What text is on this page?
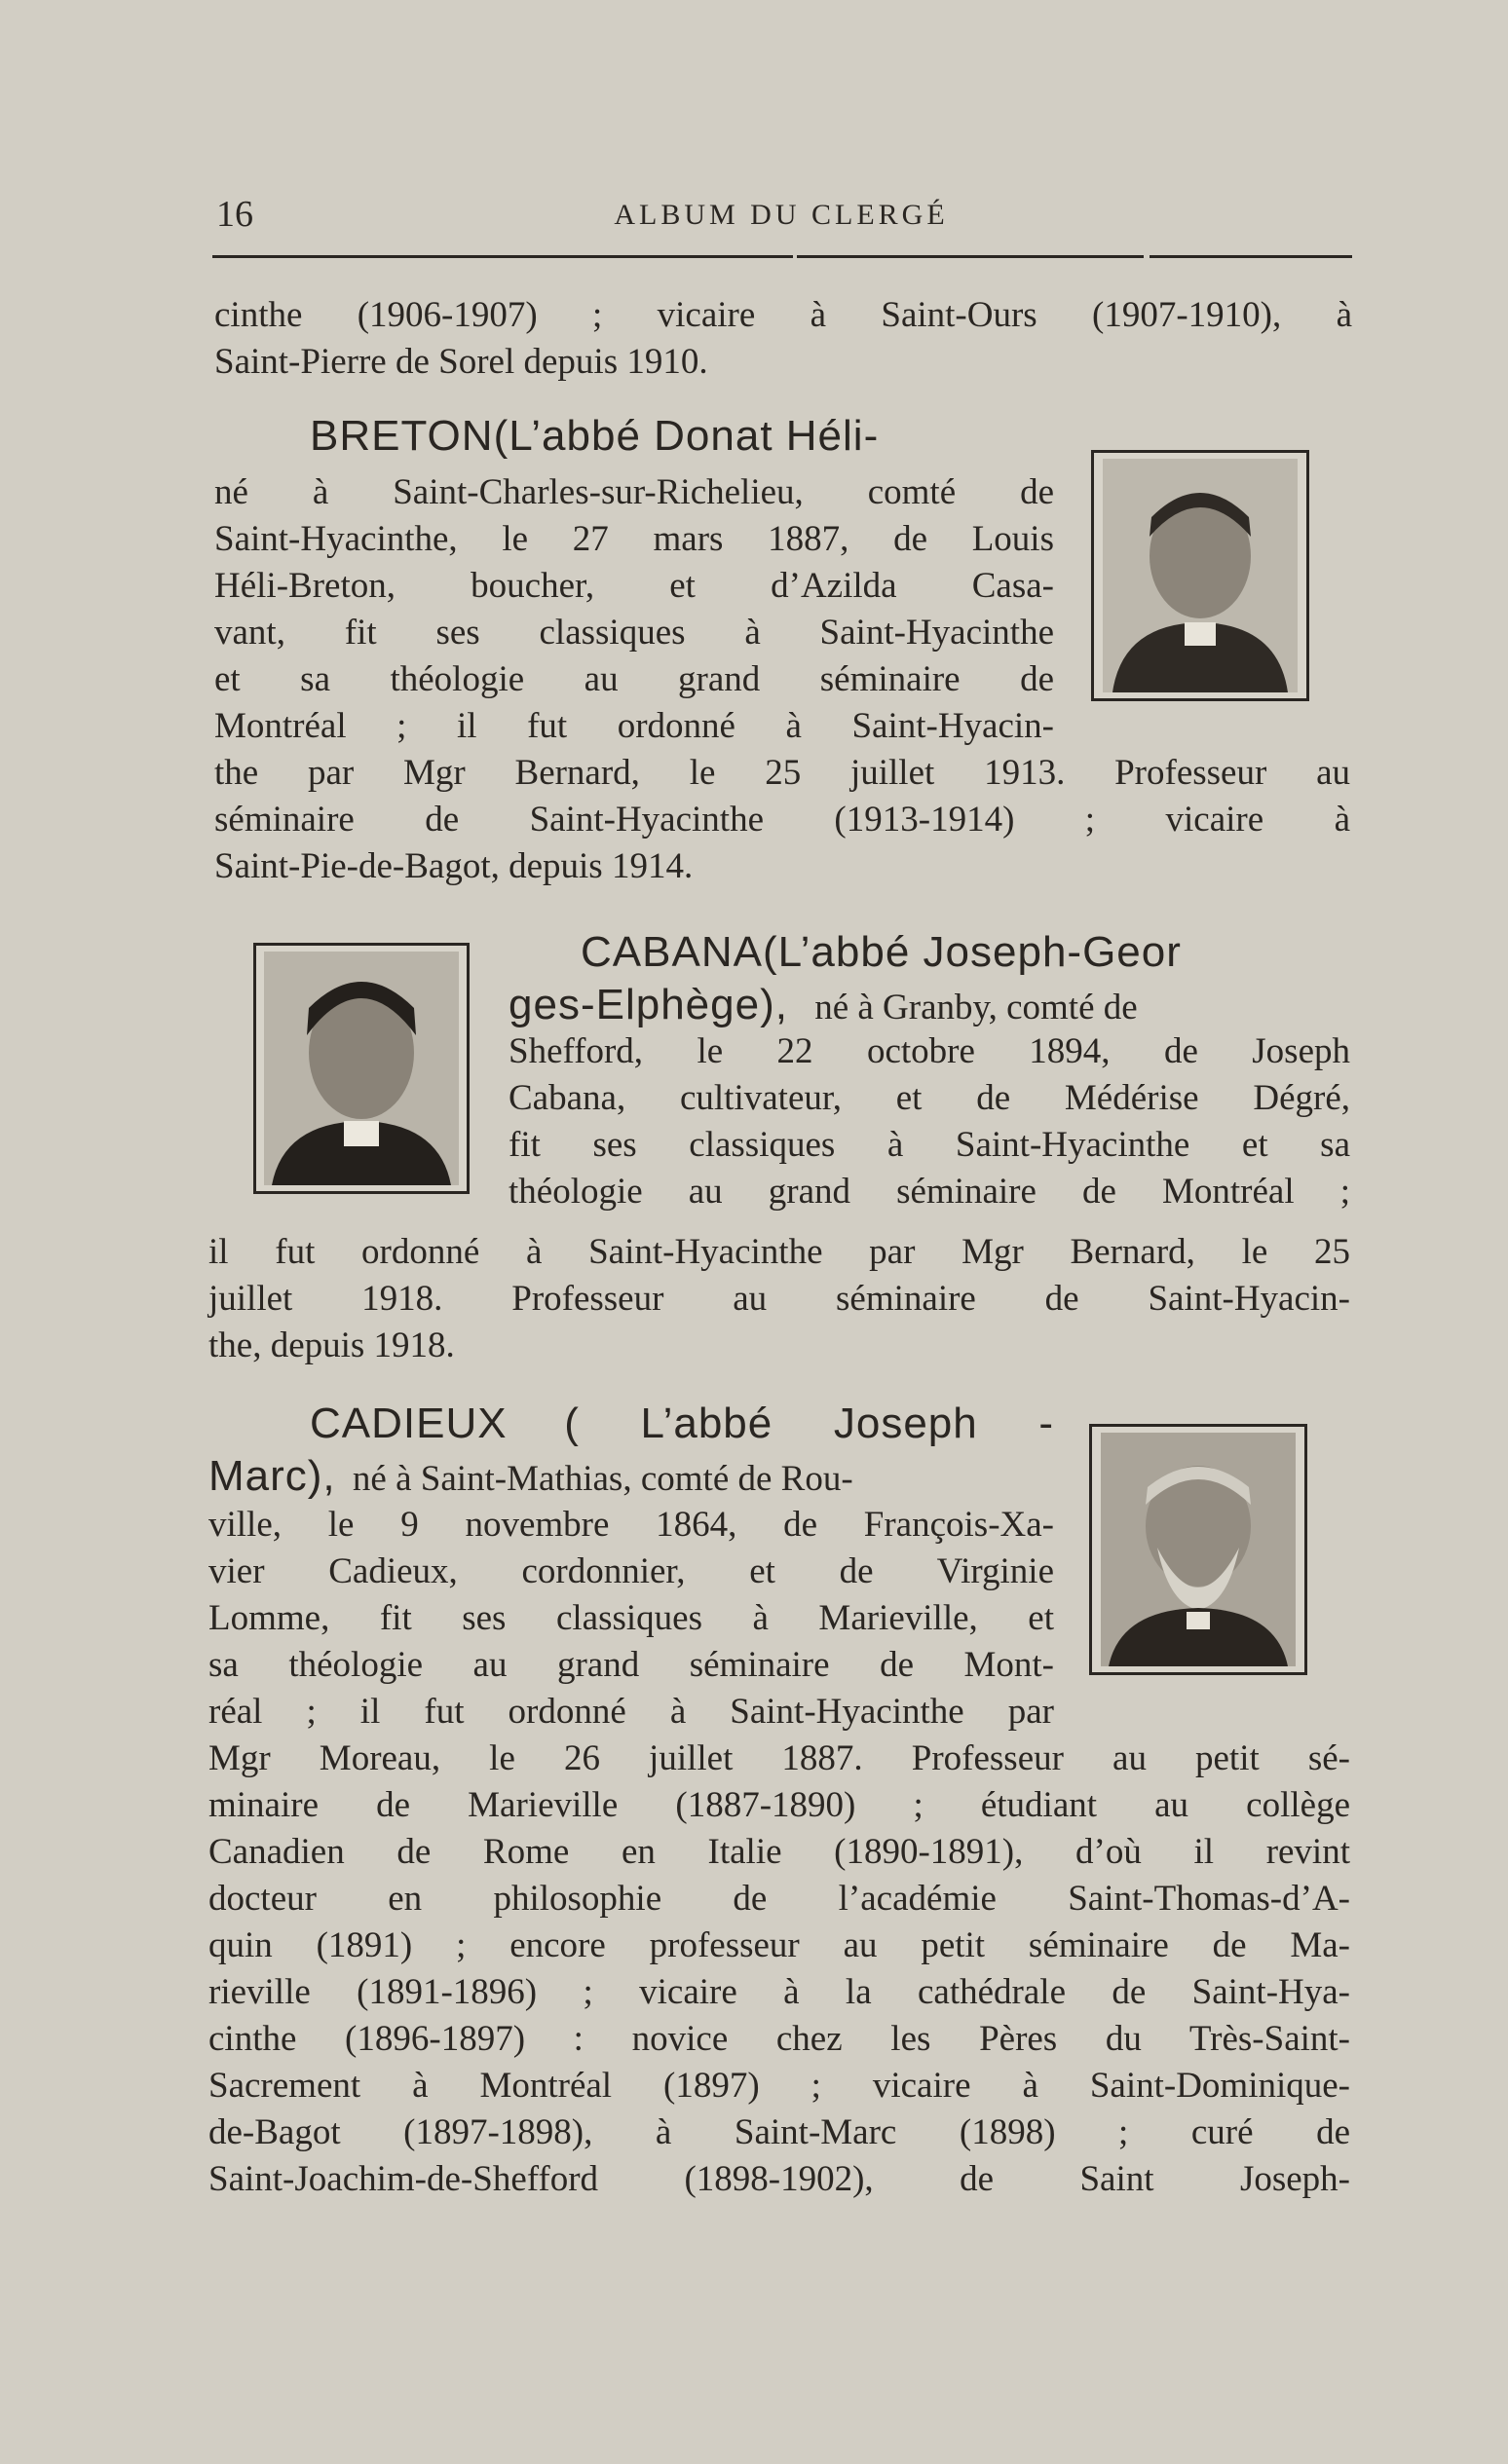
16	ALBUM DU CLERGÉ

cinthe (1906-1907) ; vicaire à Saint-Ours (1907-1910), à

Saint-Pierre de Sorel depuis 1910.

BRETON(L’abbé Donat Héli-

né à Saint-Charles-sur-Richelieu, comté de

Saint-Hyacinthe, le 27 mars 1887, de Louis

Héli-Breton, boucher, et d’Azilda Casa-

vant, fit ses classiques à Saint-Hyacinthe

et sa théologie au grand séminaire de

Montréal ; il fut ordonné à Saint-Hyacin-

the par Mgr Bernard, le 25 juillet 1913. Professeur au

séminaire de Saint-Hyacinthe (1913-1914) ; vicaire à

Saint-Pie-de-Bagot, depuis 1914.

CABANA(L’abbé Joseph-Geor

ges-Elphège), né à Granby, comté de

Shefford, le 22 octobre 1894, de Joseph

Cabana, cultivateur, et de Médérise Dégré,

fit ses classiques à Saint-Hyacinthe et sa

théologie au grand séminaire de Montréal ;

il fut ordonné à Saint-Hyacinthe par Mgr Bernard, le 25

juillet 1918. Professeur au séminaire de Saint-Hyacin-

the, depuis 1918.

CADIEUX ( L’abbé Joseph -

Marc), né à Saint-Mathias, comté de Rou-

ville, le 9 novembre 1864, de François-Xa-

vier Cadieux, cordonnier, et de Virginie

Lomme, fit ses classiques à Marieville, et

sa théologie au grand séminaire de Mont-

réal ; il fut ordonné à Saint-Hyacinthe par

Mgr Moreau, le 26 juillet 1887. Professeur au petit sé-

minaire de Marieville (1887-1890) ; étudiant au collège

Canadien de Rome en Italie (1890-1891), d’où il revint

docteur en philosophie de l’académie Saint-Thomas-d’A-

quin (1891) ; encore professeur au petit séminaire de Ma-

rieville (1891-1896) ; vicaire à la cathédrale de Saint-Hya-

cinthe (1896-1897) : novice chez les Pères du Très-Saint-

Sacrement à Montréal (1897) ; vicaire à Saint-Dominique-

de-Bagot (1897-1898), à Saint-Marc (1898) ; curé de

Saint-Joachim-de-Shefford (1898-1902), de Saint Joseph-
